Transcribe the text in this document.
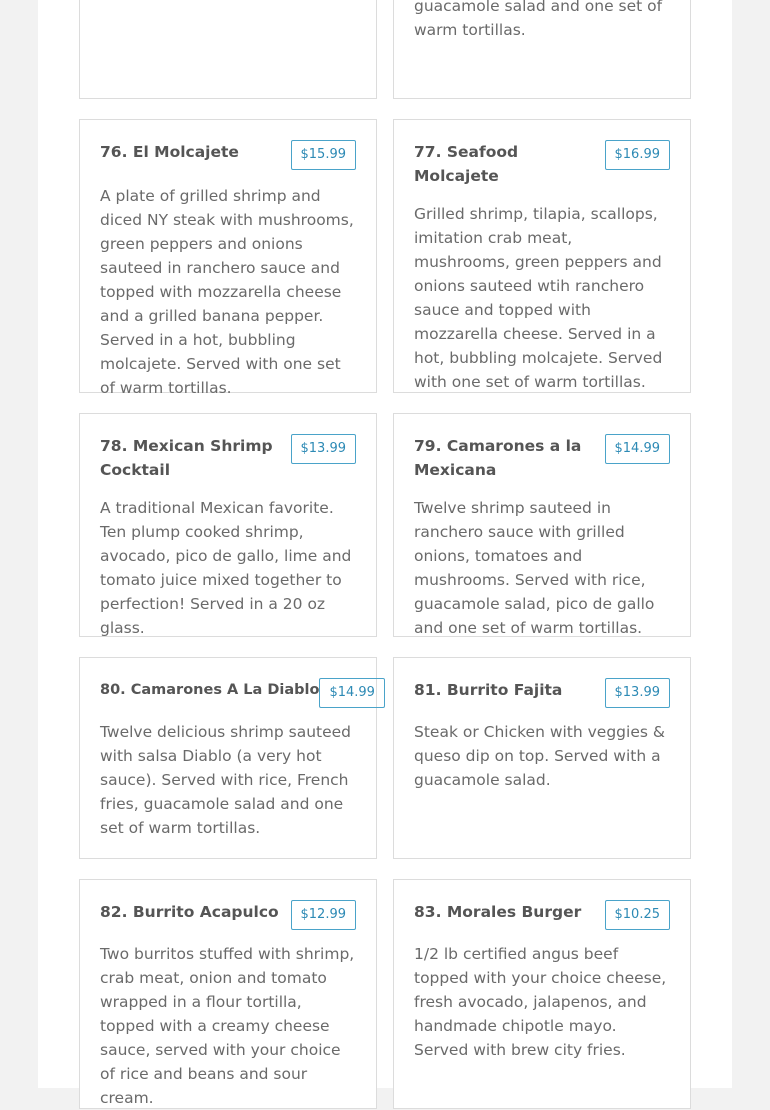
guacamole salad and one set of warm tortillas.

76. El Molcajete	$15.99

A plate of grilled shrimp and diced NY steak with mushrooms, green peppers and onions sauteed in ranchero sauce and topped with mozzarella cheese and a grilled banana pepper. Served in a hot, bubbling molcajete. Served with one set of warm tortillas.

77. Seafood Molcajete
$16.99

Grilled shrimp, tilapia, scallops, imitation crab meat, mushrooms, green peppers and onions sauteed wtih ranchero sauce and topped with mozzarella cheese. Served in a hot, bubbling molcajete. Served with one set of warm tortillas.

78. Mexican Shrimp Cocktail
$13.99

A traditional Mexican favorite. Ten plump cooked shrimp, avocado, pico de gallo, lime and tomato juice mixed together to perfection! Served in a 20 oz glass.

79. Camarones a la Mexicana
$14.99

Twelve shrimp sauteed in ranchero sauce with grilled onions, tomatoes and mushrooms. Served with rice, guacamole salad, pico de gallo and one set of warm tortillas.

80. Camarones A La Diablo $14.99

Twelve delicious shrimp sauteed with salsa Diablo (a very hot sauce). Served with rice, French fries, guacamole salad and one set of warm tortillas.

81. Burrito Fajita	$13.99

Steak or Chicken with veggies & queso dip on top. Served with a guacamole salad.

82. Burrito Acapulco	$12.99

Two burritos stuffed with shrimp, crab meat, onion and tomato wrapped in a flour tortilla, topped with a creamy cheese sauce, served with your choice of rice and beans and sour cream.

83. Morales Burger	$10.25

1/2 lb certified angus beef topped with your choice cheese, fresh avocado, jalapenos, and handmade chipotle mayo. Served with brew city fries.
